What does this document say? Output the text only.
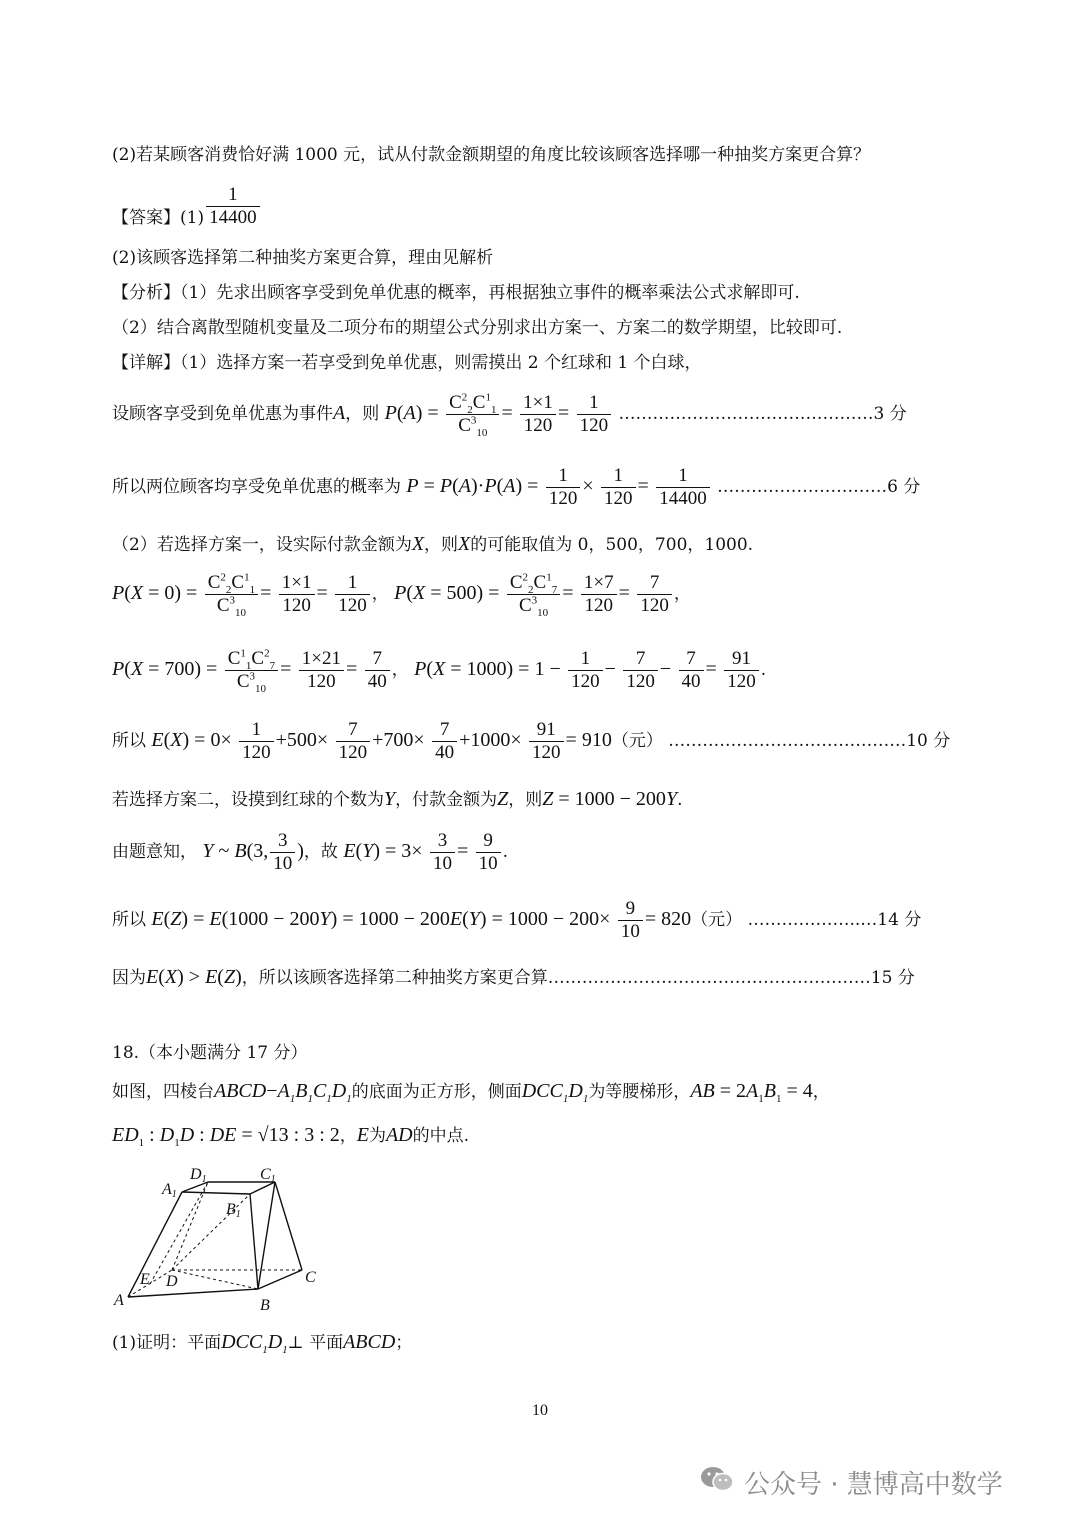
(2)若某顾客消费恰好满 1000 元，试从付款金额期望的角度比较该顾客选择哪一种抽奖方案更合算？
【答案】$(1) \frac{1}{14400}$
(2)该顾客选择第二种抽奖方案更合算，理由见解析
【分析】（1）先求出顾客享受到免单优惠的概率，再根据独立事件的概率乘法公式求解即可.
（2）结合离散型随机变量及二项分布的期望公式分别求出方案一、方案二的数学期望，比较即可.
【详解】（1）选择方案一若享受到免单优惠，则需摸出 2 个红球和 1 个白球，
设顾客享受到免单优惠为事件A，则 $P(A) = \frac{C^2_2C^1_1}{C^3_{10}} = \frac{1\times 1}{120} = \frac{1}{120}$ ………………………………………3 分
所以两位顾客均享受免单优惠的概率为 $P = P(A)\cdot P(A) = \frac{1}{120} \times \frac{1}{120} = \frac{1}{14400}$ …………………………6 分
（2）若选择方案一，设实际付款金额为X，则X的可能取值为 0，500，700，1000.
$P(X = 0) = \frac{C^2_2C^1_1}{C^3_{10}} = \frac{1\times 1}{120} = \frac{1}{120}$ ， $P(X = 500) = \frac{C^2_2C^1_7}{C^3_{10}} = \frac{1\times 7}{120} = \frac{7}{120}$ ，
$P(X = 700) = \frac{C^1_1C^2_7}{C^3_{10}} = \frac{1\times 21}{120} = \frac{7}{40}$ ， $P(X = 1000) = 1 - \frac{1}{120} - \frac{7}{120} - \frac{7}{40} = \frac{91}{120}$ .
所以 $E(X) = 0\times \frac{1}{120} +500\times \frac{7}{120} +700\times \frac{7}{40} +1000\times \frac{91}{120} = 910$（元） ……………………………………10 分
若选择方案二，设摸到红球的个数为Y，付款金额为Z，则Z = 1000 − 200Y.
由题意知， Y ~ B(3, $\frac{3}{10}$ )，故 $E(Y) = 3\times \frac{3}{10} = \frac{9}{10}$ .
所以 $E(Z) = E(1000 - 200Y) = 1000 - 200E(Y) = 1000 - 200\times \frac{9}{10} = 820$（元） ………………..…14 分
因为E(X) > E(Z)，所以该顾客选择第二种抽奖方案更合算…………………………………………………15 分
18.（本小题满分 17 分）
如图，四棱台$ABCD-A_1B_1C_1D_1$的底面为正方形，侧面$DCC_1D_1$为等腰梯形，AB = $2A_1B_1 = 4$，
$ED_1$ : $D_1D$ : DE = √13 : 3 : 2，E为AD的中点.
D1	C1
A1
B1
E D	C
A	B
(1)证明：平面$DCC_1D_1\perp$ 平面ABCD；
10
公众号 · 慧博高中数学
